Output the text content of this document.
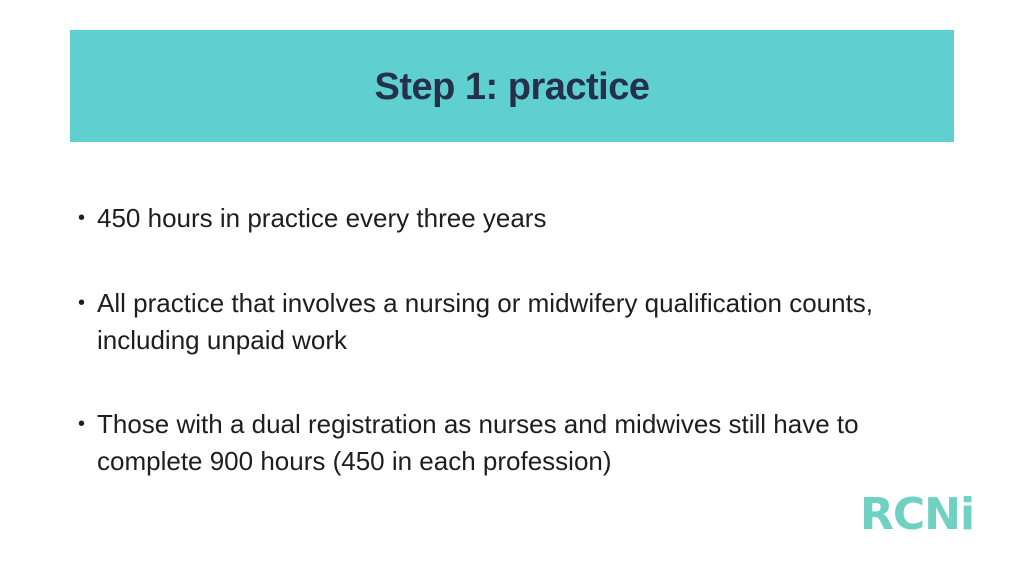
Step 1: practice
• 450 hours in practice every three years
• All practice that involves a nursing or midwifery qualification counts, including unpaid work
• Those with a dual registration as nurses and midwives still have to complete 900 hours (450 in each profession)
RCNi
